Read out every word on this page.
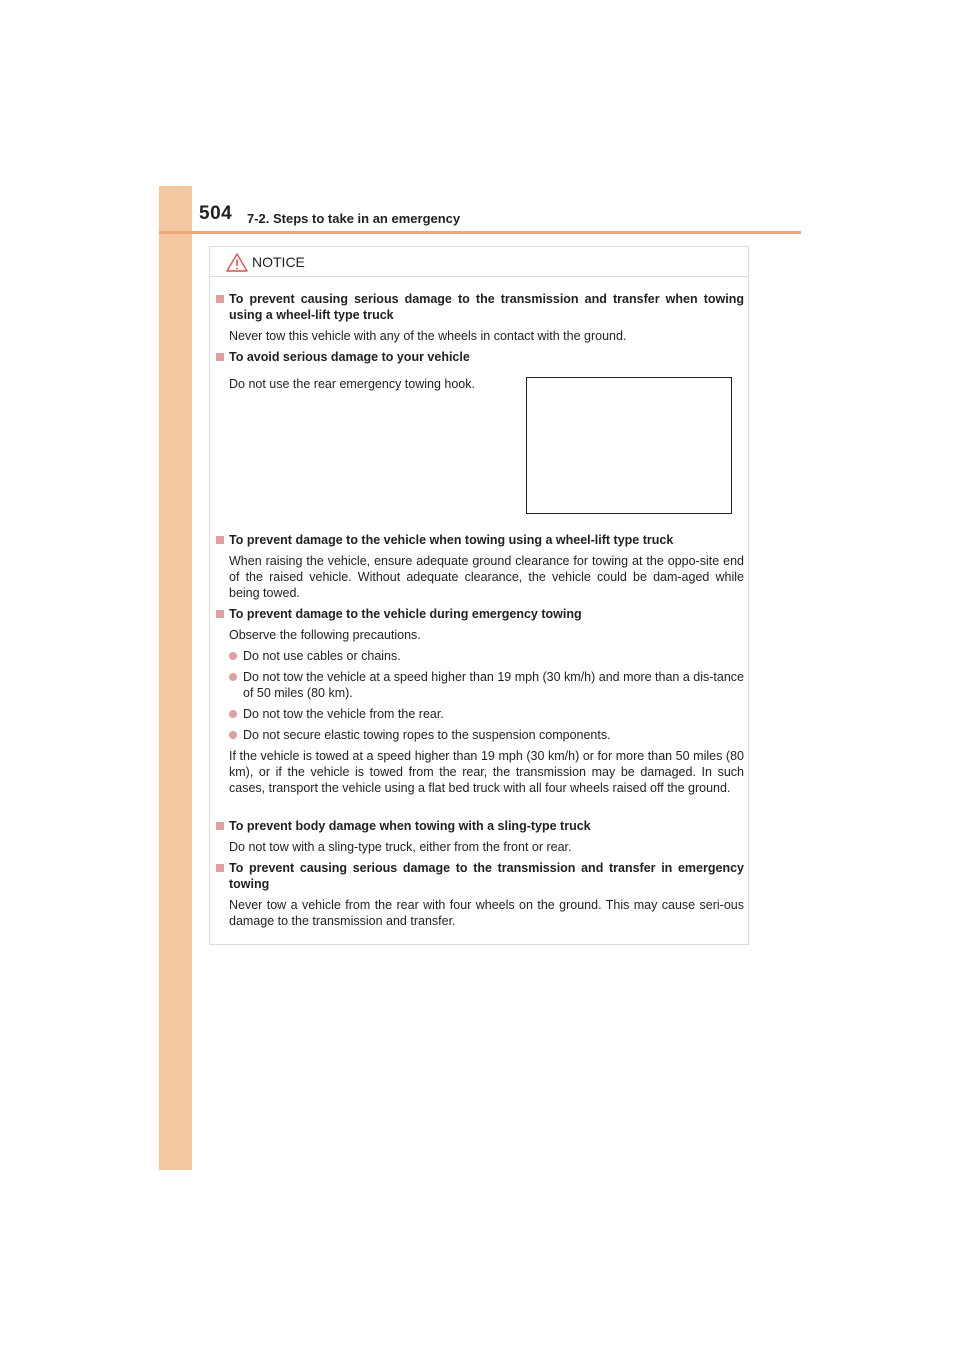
504 7-2. Steps to take in an emergency
NOTICE
To prevent causing serious damage to the transmission and transfer when towing using a wheel-lift type truck
Never tow this vehicle with any of the wheels in contact with the ground.
To avoid serious damage to your vehicle
Do not use the rear emergency towing hook.
To prevent damage to the vehicle when towing using a wheel-lift type truck
When raising the vehicle, ensure adequate ground clearance for towing at the oppo-site end of the raised vehicle. Without adequate clearance, the vehicle could be dam-aged while being towed.
To prevent damage to the vehicle during emergency towing
Observe the following precautions.
Do not use cables or chains.
Do not tow the vehicle at a speed higher than 19 mph (30 km/h) and more than a dis-tance of 50 miles (80 km).
Do not tow the vehicle from the rear.
Do not secure elastic towing ropes to the suspension components.
If the vehicle is towed at a speed higher than 19 mph (30 km/h) or for more than 50 miles (80 km), or if the vehicle is towed from the rear, the transmission may be damaged. In such cases, transport the vehicle using a flat bed truck with all four wheels raised off the ground.
To prevent body damage when towing with a sling-type truck
Do not tow with a sling-type truck, either from the front or rear.
To prevent causing serious damage to the transmission and transfer in emergency towing
Never tow a vehicle from the rear with four wheels on the ground. This may cause seri-ous damage to the transmission and transfer.
